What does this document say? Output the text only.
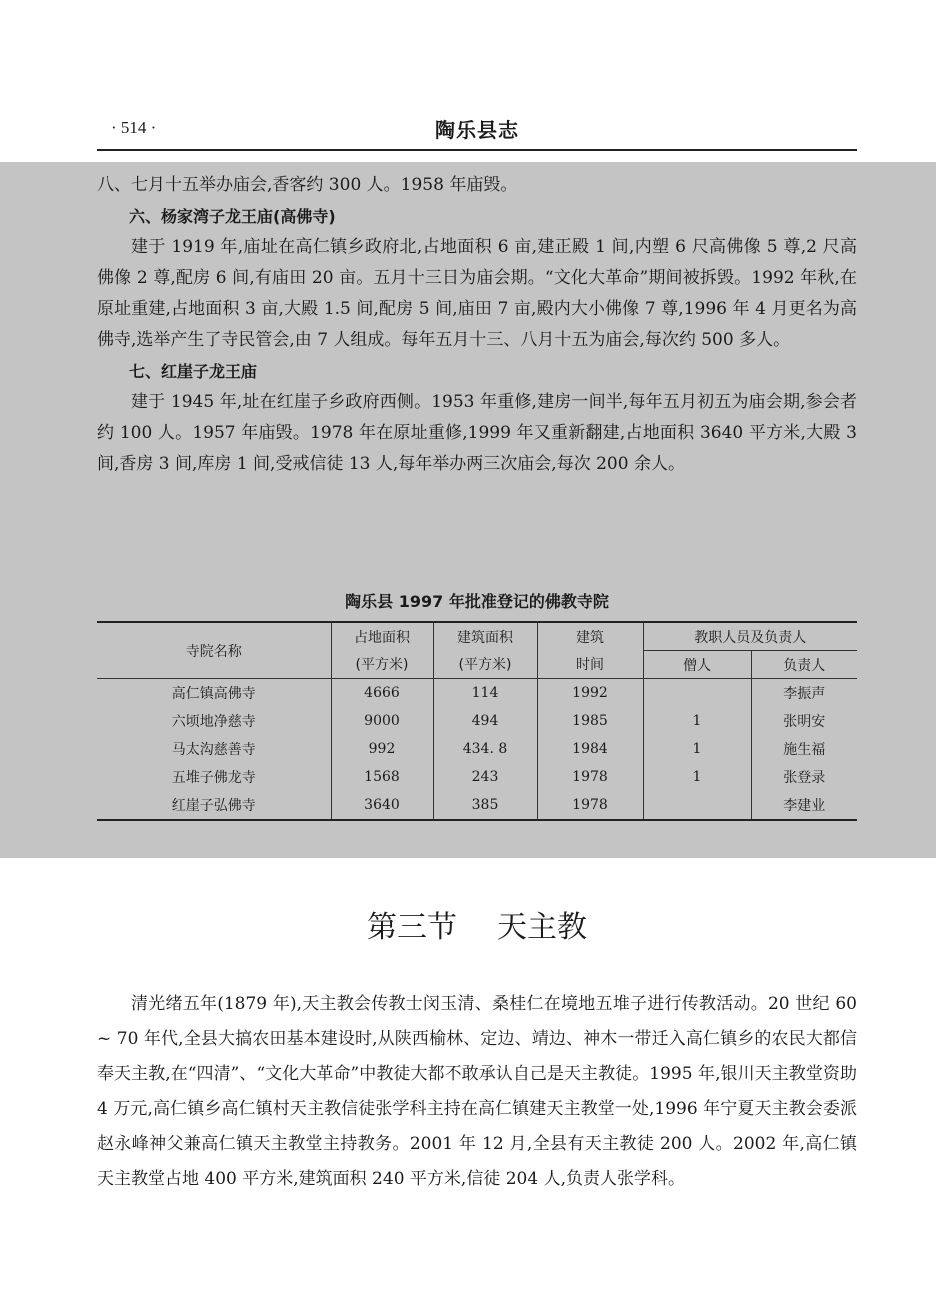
· 514 ·	陶乐县志

八、七月十五举办庙会,香客约 300 人。1958 年庙毁。

六、杨家湾子龙王庙(高佛寺)

建于 1919 年,庙址在高仁镇乡政府北,占地面积 6 亩,建正殿 1 间,内塑 6 尺高佛像 5 尊,2 尺高佛像 2 尊,配房 6 间,有庙田 20 亩。五月十三日为庙会期。“文化大革命”期间被拆毁。1992 年秋,在原址重建,占地面积 3 亩,大殿 1.5 间,配房 5 间,庙田 7 亩,殿内大小佛像 7 尊,1996 年 4 月更名为高佛寺,选举产生了寺民管会,由 7 人组成。每年五月十三、八月十五为庙会,每次约 500 多人。

七、红崖子龙王庙

建于 1945 年,址在红崖子乡政府西侧。1953 年重修,建房一间半,每年五月初五为庙会期,参会者约 100 人。1957 年庙毁。1978 年在原址重修,1999 年又重新翻建,占地面积 3640 平方米,大殿 3 间,香房 3 间,库房 1 间,受戒信徒 13 人,每年举办两三次庙会,每次 200 余人。

陶乐县 1997 年批准登记的佛教寺院
寺院名称	占地面积	建筑面积	建筑	教职人员及负责人	
	(平方米)	(平方米)	时间	僧人	负责人
高仁镇高佛寺	4666	114	1992		李振声
六顷地净慈寺	9000	494	1985	1	张明安
马太沟慈善寺	992	434. 8	1984	1	施生福
五堆子佛龙寺	1568	243	1978	1	张登录
红崖子弘佛寺	3640	385	1978		李建业
第三节 天主教

清光绪五年(1879 年),天主教会传教士闵玉清、桑桂仁在境地五堆子进行传教活动。20 世纪 60 ~ 70 年代,全县大搞农田基本建设时,从陕西榆林、定边、靖边、神木一带迁入高仁镇乡的农民大都信奉天主教,在“四清”、“文化大革命”中教徒大都不敢承认自己是天主教徒。1995 年,银川天主教堂资助 4 万元,高仁镇乡高仁镇村天主教信徒张学科主持在高仁镇建天主教堂一处,1996 年宁夏天主教会委派赵永峰神父兼高仁镇天主教堂主持教务。2001 年 12 月,全县有天主教徒 200 人。2002 年,高仁镇天主教堂占地 400 平方米,建筑面积 240 平方米,信徒 204 人,负责人张学科。
